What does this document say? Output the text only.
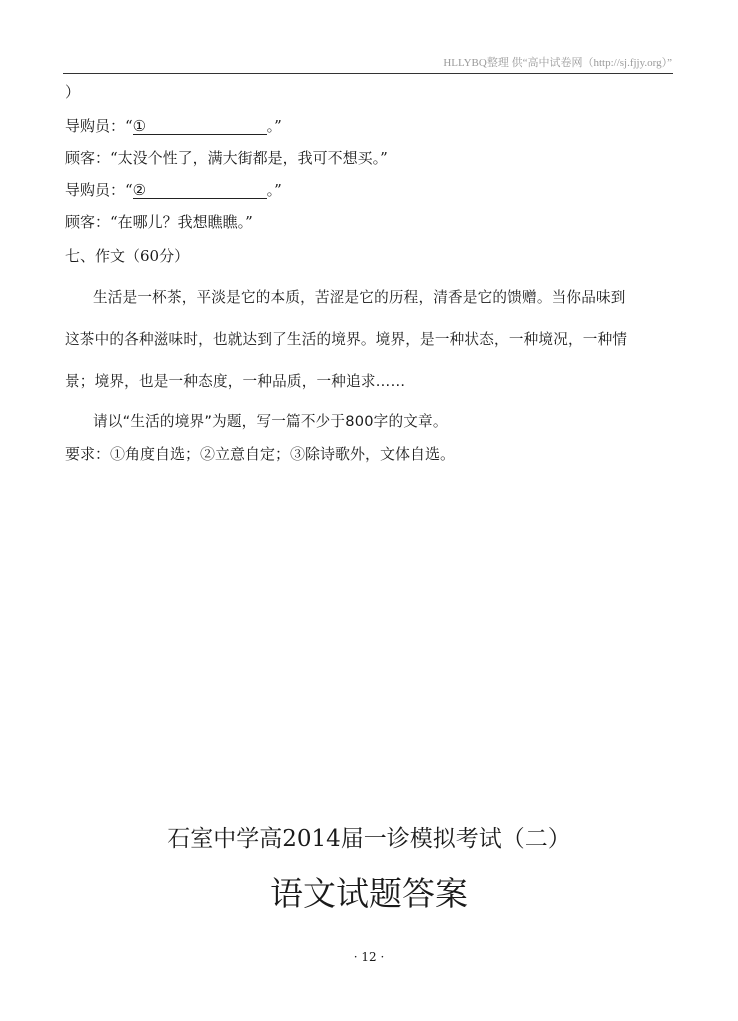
HLLYBQ整理 供“高中试卷网（http://sj.fjjy.org）”
）
导购员：“①	。”
顾客：“太没个性了，满大街都是，我可不想买。”
导购员：“②	。”
顾客：“在哪儿？我想瞧瞧。”
七、作文（60分）
生活是一杯茶，平淡是它的本质，苦涩是它的历程，清香是它的馈赠。当你品味到
这茶中的各种滋味时，也就达到了生活的境界。境界，是一种状态，一种境况，一种情
景；境界，也是一种态度，一种品质，一种追求……
请以“生活的境界”为题，写一篇不少于800字的文章。
要求：①角度自选；②立意自定；③除诗歌外，文体自选。
石室中学高2014届一诊模拟考试（二）
语文试题答案
· 12 ·
